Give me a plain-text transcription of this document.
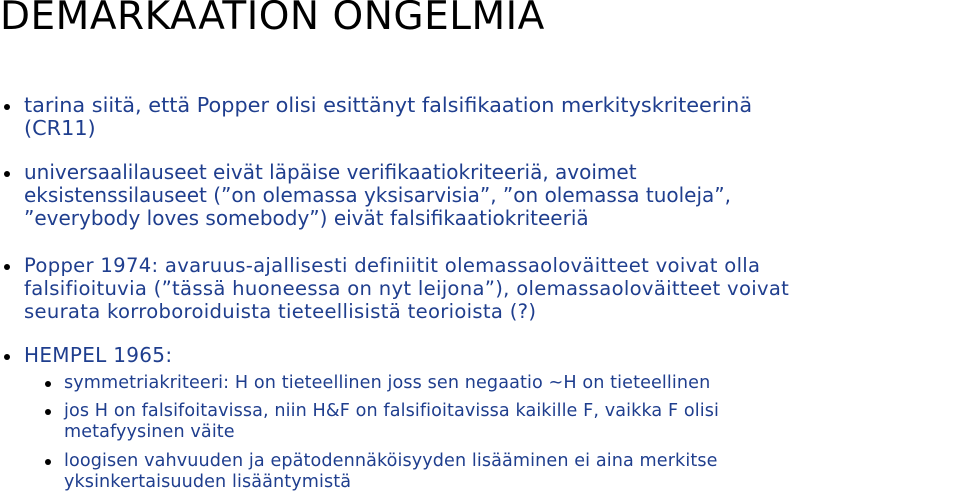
DEMARKAATION ONGELMIA
tarina siitä, että Popper olisi esittänyt falsifikaation merkityskriteerinä
(CR11)
universaalilauseet eivät läpäise verifikaatiokriteeriä, avoimet
eksistenssilauseet (”on olemassa yksisarvisia”, ”on olemassa tuoleja”,
”everybody loves somebody”) eivät falsifikaatiokriteeriä
Popper 1974: avaruus-ajallisesti definiitit olemassaoloväitteet voivat olla
falsifioituvia (”tässä huoneessa on nyt leijona”), olemassaoloväitteet voivat
seurata korroboroiduista tieteellisistä teorioista (?)
HEMPEL 1965:
symmetriakriteeri: H on tieteellinen joss sen negaatio ~H on tieteellinen
jos H on falsifoitavissa, niin H&F on falsifioitavissa kaikille F, vaikka F olisi
metafyysinen väite
loogisen vahvuuden ja epätodennäköisyyden lisääminen ei aina merkitse
yksinkertaisuuden lisääntymistä
